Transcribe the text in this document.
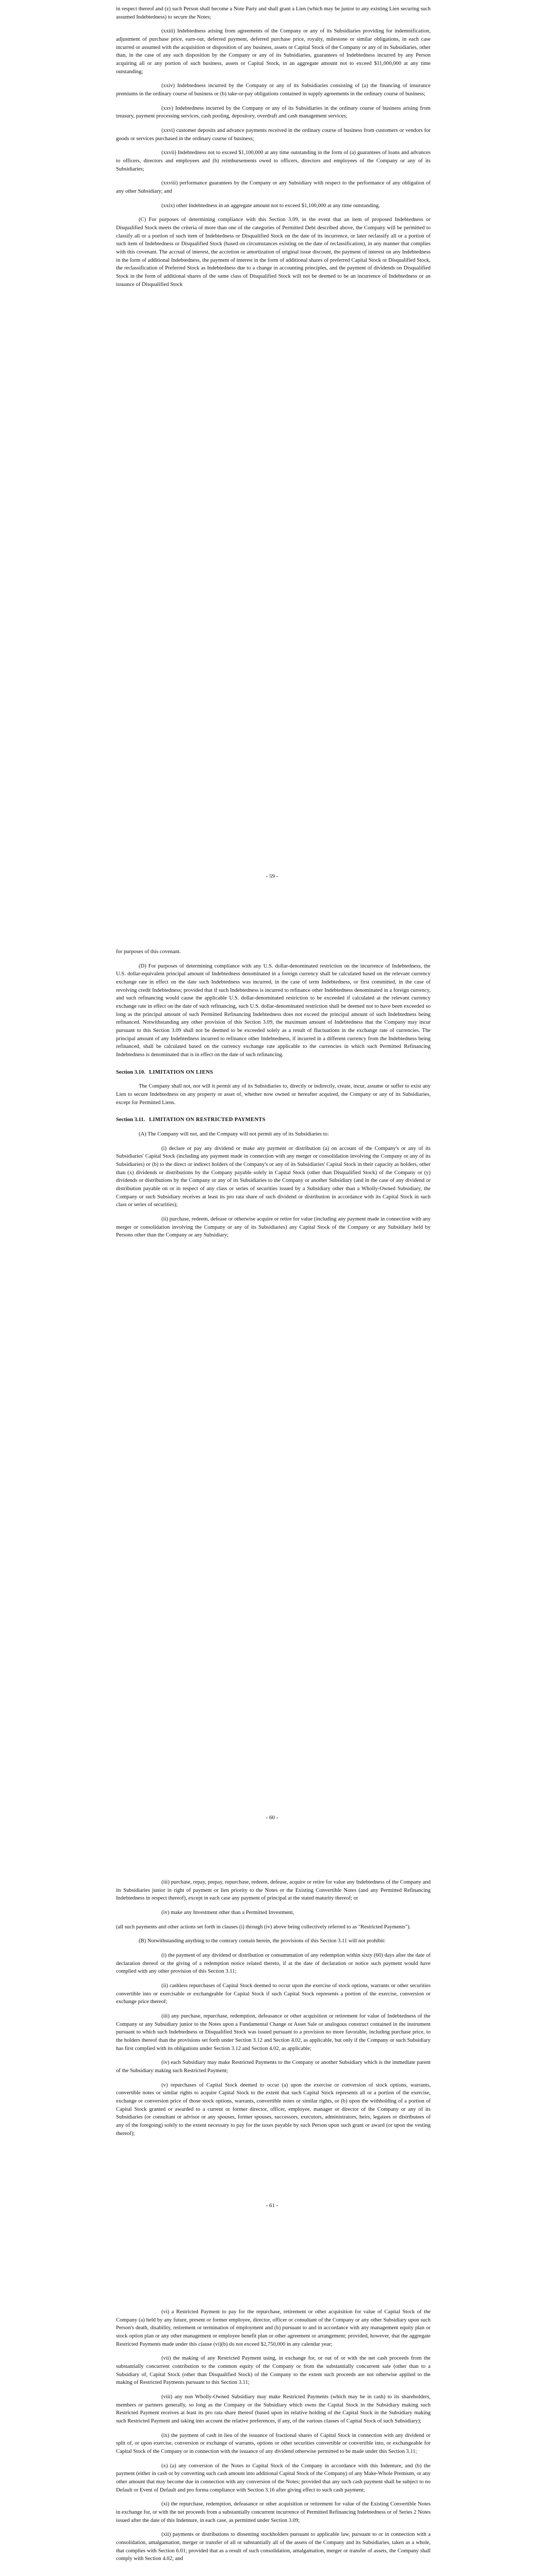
in respect thereof and (z) such Person shall become a Note Party and shall grant a Lien (which may be junior to any existing Lien securing such assumed Indebtedness) to secure the Notes;

(xxiii) Indebtedness arising from agreements of the Company or any of its Subsidiaries providing for indemnification, adjustment of purchase price, earn-out, deferred payment, deferred purchase price, royalty, milestone or similar obligations, in each case incurred or assumed with the acquisition or disposition of any business, assets or Capital Stock of the Company or any of its Subsidiaries, other than, in the case of any such disposition by the Company or any of its Subsidiaries, guarantees of Indebtedness incurred by any Person acquiring all or any portion of such business, assets or Capital Stock, in an aggregate amount not to exceed $11,000,000 at any time outstanding;

(xxiv) Indebtedness incurred by the Company or any of its Subsidiaries consisting of (a) the financing of insurance premiums in the ordinary course of business or (b) take-or-pay obligations contained in supply agreements in the ordinary course of business;

(xxv) Indebtedness incurred by the Company or any of its Subsidiaries in the ordinary course of business arising from treasury, payment processing services, cash pooling, depository, overdraft and cash management services;

(xxvi) customer deposits and advance payments received in the ordinary course of business from customers or vendors for goods or services purchased in the ordinary course of business;

(xxvii) Indebtedness not to exceed $1,100,000 at any time outstanding in the form of (a) guarantees of loans and advances to officers, directors and employees and (b) reimbursements owed to officers, directors and employees of the Company or any of its Subsidiaries;

(xxviii) performance guarantees by the Company or any Subsidiary with respect to the performance of any obligation of any other Subsidiary; and

(xxix) other Indebtedness in an aggregate amount not to exceed $1,100,000 at any time outstanding.

(C) For purposes of determining compliance with this Section 3.09, in the event that an item of proposed Indebtedness or Disqualified Stock meets the criteria of more than one of the categories of Permitted Debt described above, the Company will be permitted to classify all or a portion of such item of Indebtedness or Disqualified Stock on the date of its incurrence, or later reclassify all or a portion of such item of Indebtedness or Disqualified Stock (based on circumstances existing on the date of reclassification), in any manner that complies with this covenant. The accrual of interest, the accretion or amortization of original issue discount, the payment of interest on any Indebtedness in the form of additional Indebtedness, the payment of interest in the form of additional shares of preferred Capital Stock or Disqualified Stock, the reclassification of Preferred Stock as Indebtedness due to a change in accounting principles, and the payment of dividends on Disqualified Stock in the form of additional shares of the same class of Disqualified Stock will not be deemed to be an incurrence of Indebtedness or an issuance of Disqualified Stock

- 59 -

for purposes of this covenant.

(D) For purposes of determining compliance with any U.S. dollar-denominated restriction on the incurrence of Indebtedness, the U.S. dollar-equivalent principal amount of Indebtedness denominated in a foreign currency shall be calculated based on the relevant currency exchange rate in effect on the date such Indebtedness was incurred, in the case of term Indebtedness, or first committed, in the case of revolving credit Indebtedness; provided that if such Indebtedness is incurred to refinance other Indebtedness denominated in a foreign currency, and such refinancing would cause the applicable U.S. dollar-denominated restriction to be exceeded if calculated at the relevant currency exchange rate in effect on the date of such refinancing, such U.S. dollar-denominated restriction shall be deemed not to have been exceeded so long as the principal amount of such Permitted Refinancing Indebtedness does not exceed the principal amount of such Indebtedness being refinanced. Notwithstanding any other provision of this Section 3.09, the maximum amount of Indebtedness that the Company may incur pursuant to this Section 3.09 shall not be deemed to be exceeded solely as a result of fluctuations in the exchange rate of currencies. The principal amount of any Indebtedness incurred to refinance other Indebtedness, if incurred in a different currency from the Indebtedness being refinanced, shall be calculated based on the currency exchange rate applicable to the currencies in which such Permitted Refinancing Indebtedness is denominated that is in effect on the date of such refinancing.

Section 3.10. LIMITATION ON LIENS

The Company shall not, nor will it permit any of its Subsidiaries to, directly or indirectly, create, incur, assume or suffer to exist any Lien to secure Indebtedness on any property or asset of, whether now owned or hereafter acquired, the Company or any of its Subsidiaries, except for Permitted Liens.

Section 3.11. LIMITATION ON RESTRICTED PAYMENTS

(A) The Company will not, and the Company will not permit any of its Subsidiaries to:

(i) declare or pay any dividend or make any payment or distribution (a) on account of the Company's or any of its Subsidiaries' Capital Stock (including any payment made in connection with any merger or consolidation involving the Company or any of its Subsidiaries) or (b) to the direct or indirect holders of the Company's or any of its Subsidiaries' Capital Stock in their capacity as holders, other than (x) dividends or distributions by the Company payable solely in Capital Stock (other than Disqualified Stock) of the Company or (y) dividends or distributions by the Company or any of its Subsidiaries to the Company or another Subsidiary (and in the case of any dividend or distribution payable on or in respect of any class or series of securities issued by a Subsidiary other than a Wholly-Owned Subsidiary, the Company or such Subsidiary receives at least its pro rata share of such dividend or distribution in accordance with its Capital Stock in such class or series of securities);

(ii) purchase, redeem, defease or otherwise acquire or retire for value (including any payment made in connection with any merger or consolidation involving the Company or any of its Subsidiaries) any Capital Stock of the Company or any Subsidiary held by Persons other than the Company or any Subsidiary;

- 60 -

(iii) purchase, repay, prepay, repurchase, redeem, defease, acquire or retire for value any Indebtedness of the Company and its Subsidiaries junior in right of payment or lien priority to the Notes or the Existing Convertible Notes (and any Permitted Refinancing Indebtedness in respect thereof), except in each case any payment of principal at the stated maturity thereof; or

(iv) make any Investment other than a Permitted Investment,

(all such payments and other actions set forth in clauses (i) through (iv) above being collectively referred to as "Restricted Payments").

(B) Notwithstanding anything to the contrary contain herein, the provisions of this Section 3.11 will not prohibit:

(i) the payment of any dividend or distribution or consummation of any redemption within sixty (60) days after the date of declaration thereof or the giving of a redemption notice related thereto, if at the date of declaration or notice such payment would have complied with any other provision of this Section 3.11;

(ii) cashless repurchases of Capital Stock deemed to occur upon the exercise of stock options, warrants or other securities convertible into or exercisable or exchangeable for Capital Stock if such Capital Stock represents a portion of the exercise, conversion or exchange price thereof;

(iii) any purchase, repurchase, redemption, defeasance or other acquisition or retirement for value of Indebtedness of the Company or any Subsidiary junior to the Notes upon a Fundamental Change or Asset Sale or analogous construct contained in the instrument pursuant to which such Indebtedness or Disqualified Stock was issued pursuant to a provision no more favorable, including purchase price, to the holders thereof than the provisions set forth under Section 3.12 and Section 4.02, as applicable, but only if the Company or such Subsidiary has first complied with its obligations under Section 3.12 and Section 4.02, as applicable;

(iv) each Subsidiary may make Restricted Payments to the Company or another Subsidiary which is the immediate parent of the Subsidiary making such Restricted Payment;

(v) repurchases of Capital Stock deemed to occur (a) upon the exercise or conversion of stock options, warrants, convertible notes or similar rights to acquire Capital Stock to the extent that such Capital Stock represents all or a portion of the exercise, exchange or conversion price of those stock options, warrants, convertible notes or similar rights, or (b) upon the withholding of a portion of Capital Stock granted or awarded to a current or former director, officer, employee, manager or director of the Company or any of its Subsidiaries (or consultant or advisor or any spouses, former spouses, successors, executors, administrators, heirs, legatees or distributees of any of the foregoing) solely to the extent necessary to pay for the taxes payable by such Person upon such grant or award (or upon the vesting thereof);

- 61 -

(vi) a Restricted Payment to pay for the repurchase, retirement or other acquisition for value of Capital Stock of the Company (a) held by any future, present or former employee, director, officer or consultant of the Company or any other Subsidiary upon such Person's death, disability, retirement or termination of employment and (b) pursuant to and in accordance with any management equity plan or stock option plan or any other management or employee benefit plan or other agreement or arrangement; provided, however, that the aggregate Restricted Payments made under this clause (vi)(b) do not exceed $2,750,000 in any calendar year;

(vii) the making of any Restricted Payment using, in exchange for, or out of or with the net cash proceeds from the substantially concurrent contribution to the common equity of the Company or from the substantially concurrent sale (other than to a Subsidiary of, Capital Stock (other than Disqualified Stock) of the Company to the extent such proceeds are not otherwise applied to the making of Restricted Payments pursuant to this Section 3.11;

(viii) any non Wholly-Owned Subsidiary may make Restricted Payments (which may be in cash) to its shareholders, members or partners generally, so long as the Company or the Subsidiary which owns the Capital Stock in the Subsidiary making such Restricted Payment receives at least its pro rata share thereof (based upon its relative holding of the Capital Stock in the Subsidiary making such Restricted Payment and taking into account the relative preferences, if any, of the various classes of Capital Stock of such Subsidiary);

(ix) the payment of cash in lieu of the issuance of fractional shares of Capital Stock in connection with any dividend or split of, or upon exercise, conversion or exchange of warrants, options or other securities convertible or convertible into, or exchangeable for Capital Stock of the Company or in connection with the issuance of any dividend otherwise permitted to be made under this Section 3.11;

(x) (a) any conversion of the Notes to Capital Stock of the Company in accordance with this Indenture, and (b) the payment (either in cash or by converting such cash amount into additional Capital Stock of the Company) of any Make-Whole Premium, or any other amount that may become due in connection with any conversion of the Notes; provided that any such cash payment shall be subject to no Default or Event of Default and pro forma compliance with Section 3.16 after giving effect to such cash payment;

(xi) the repurchase, redemption, defeasance or other acquisition or retirement for value of the Existing Convertible Notes in exchange for, or with the net proceeds from a substantially concurrent incurrence of Permitted Refinancing Indebtedness or of Series 2 Notes issued after the date of this Indenture, in each case, as permitted under Section 3.09;

(xii) payments or distributions to dissenting stockholders pursuant to applicable law, pursuant to or in connection with a consolidation, amalgamation, merger or transfer of all or substantially all of the assets of the Company and its Subsidiaries, taken as a whole, that complies with Section 6.01; provided that as a result of such consolidation, amalgamation, merger or transfer of assets, the Company shall comply with Section 4.02; and
